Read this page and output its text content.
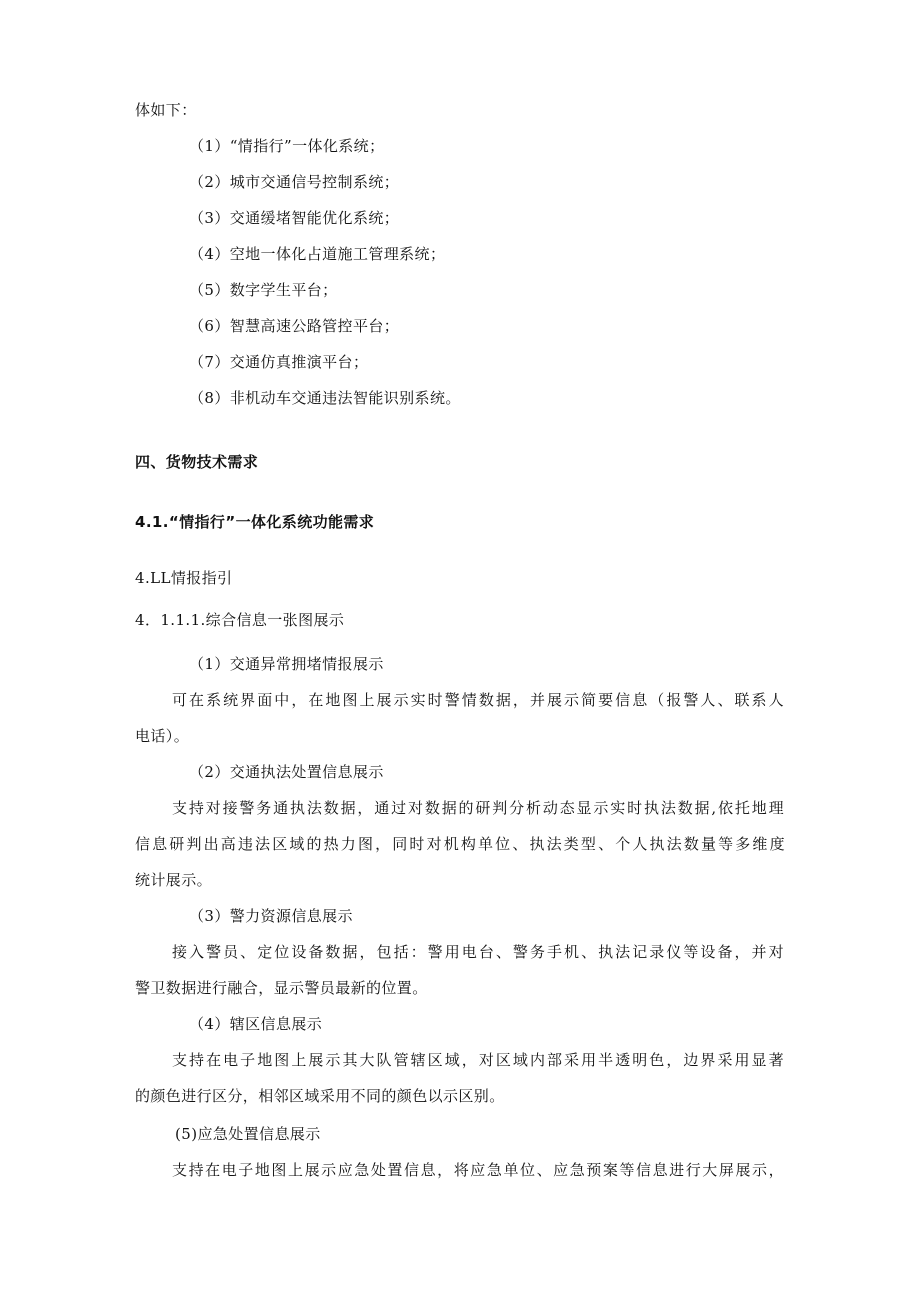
体如下：
（1）“情指行”一体化系统；
（2）城市交通信号控制系统；
（3）交通缓堵智能优化系统；
（4）空地一体化占道施工管理系统；
（5）数字学生平台；
（6）智慧高速公路管控平台；
（7）交通仿真推演平台；
（8）非机动车交通违法智能识别系统。
四、货物技术需求
4.1.“情指行”一体化系统功能需求
4.LL情报指引
4．1.1.1.综合信息一张图展示
（1）交通异常拥堵情报展示
可在系统界面中，在地图上展示实时警情数据，并展示简要信息（报警人、联系人
电话）。
（2）交通执法处置信息展示
支持对接警务通执法数据，通过对数据的研判分析动态显示实时执法数据,依托地理
信息研判出高违法区域的热力图，同时对机构单位、执法类型、个人执法数量等多维度
统计展示。
（3）警力资源信息展示
接入警员、定位设备数据，包括：警用电台、警务手机、执法记录仪等设备，并对
警卫数据进行融合，显示警员最新的位置。
（4）辖区信息展示
支持在电子地图上展示其大队管辖区域，对区域内部采用半透明色，边界采用显著
的颜色进行区分，相邻区域采用不同的颜色以示区别。
(5)应急处置信息展示
支持在电子地图上展示应急处置信息，将应急单位、应急预案等信息进行大屏展示，
